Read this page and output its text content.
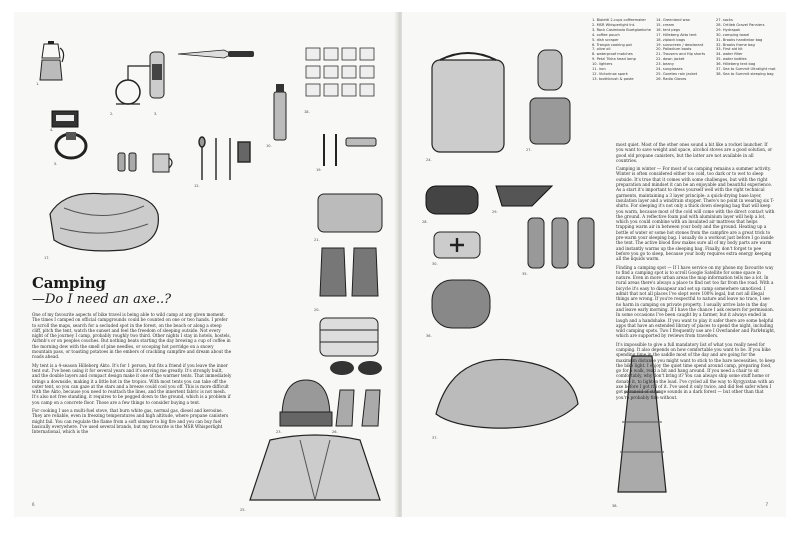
1.
2.	3.
4.
5.
10.
12.
17.
18.
19.
20.
21.
23.
25.
26.
Camping
—Do I need an axe..?

One of my favourite aspects of bike travel is being able to wild camp at any given moment. The times I camped on official campgrounds could be counted on one or two hands. I prefer to scroll the maps, search for a secluded spot in the forest, on the beach or along a steep cliff, pitch the tent, watch the sunset and feel the freedom of sleeping outside. Not every night of the journey I camp, probably roughly two third. Other nights I stay in hotels, hostels, Airbnb's or on peoples couches. But nothing beats starting the day brewing a cup of coffee in the morning dew with the smell of pine needles, or scooping hot porridge on a snowy mountain pass, or toasting potatoes in the embers of crackling campfire and dream about the roads ahead.

My tent is a 4-season Hilleberg Akto. It's for 1 person, but fits a friend if you leave the inner tent out. I've been using it for several years and it's serving me greatly. It's strongly built, and the double layers and compact design make it one of the warmer tents. That immediately brings a downside, making it a little hot in the tropics. With most tents you can take off the outer tent, so you can gaze at the stars and a breeze could cool you off. This is more difficult with the Akto, because you need to reattach the lines, and the innertent fabric is not mesh. It's also not free standing, it requires to be pegged down to the ground, which is a problem if you camp on a concrete floor. Those are a few things to consider buying a tent.

For cooking I use a multi-fuel stove, that burn white gas, normal gas, diesel and kerosine. They are reliable, even in freezing temperatures and high altitude, where propane canisters might fail. You can regulate the flame from a soft simmer to big fire and you can buy fuel basically everywhere. I've used several brands, but my favourite is the MSR Whisperlight International, which is the

6
24.
27.
28.
29.
30.
35.
36.
37.
38.
1. Bialetti 2-cups coffeemaker
2. MSR Whisperlight Int.
3. Rock Casimbola Buetgloebche
4. coffee pouch
5. dish scraper
6. Trangia cooking pot
7. olive oil
8. waterproof matches
9. Petzl Tikka head lamp
10. lighters
11. iron
12. Victorinox spork
13. toothbrush & paste
14. Greenland wax
15. cream
16. tent pegs
17. Hilleberg Akto tent
18. ziplock bags
19. sunscreen / deodorant
20. Palladium boots
21. Trousers and Hip shorts
22. down jacket
23. beany
24. sunglasses
25. Goretex rain jacket
26. Radio Gloves
27. socks
28. Ortlieb Gravel Panniers
29. Hydrapak
30. camping towel
31. Brooks handlebar bag
32. Brooks frame bag
33. First aid kit
34. water filter
35. water bottles
36. Hilleberg tent bag
37. Sea to Summit Ultralight mat
38. Sea to Summit sleeping bag

most quiet. Most of the other ones sound a bit like a rocket launcher. If you want to save weight and space, alcohol stoves are a good solution, or good old propane canisters, but the latter are not available in all countries.

Camping in winter — For most of us camping remains a summer activity. Winter is often considered either too cold, too dark or to wet to sleep outside. It's true that it comes with some challenges, but with the right preparation and mindset it can be an enjoyable and beautiful experience. As a start it's important to dress yourself well with the right technical garments, maintaining a 3 layer principle: a quick-drying base layer, insulation layer and a wind/rain stopper. There's no point in wearing six T-shirts. For sleeping it's not only a thick down sleeping bag that will keep you warm, because most of the cold will come with the direct contact with the ground. A reflective foam pad with aluminium layer will help a lot, which you could combine with an insulated air mattress that helps trapping warm air in between your body and the ground. Heating up a bottle of water or some hot stones from the campfire are a great trick to pre-warm your sleeping bag. I usually do a workout just before I go inside the tent. The active blood flow makes sure all of my body parts are warm and instantly warms up the sleeping bag. Finally, don't forget to pee before you go to sleep, because your body requires extra energy keeping all the liquids warm.

Finding a camping spot — If I have service on my phone my favourite way to find a camping spot is to scroll Google Satellite for some space in nature. Even in more urban areas the map information tells me a lot. In rural areas there's always a place to find not too far from the road. With a bicycle it's easy to dissapear and set up camp somewhere unnoticed. I admit that not all places I've slept were 100% legal, but not all illegal things are wrong. If you're respectful to nature and leave no trace, I see no harm in camping on private property. I usually arrive late in the day and leave early morning. If I have the chance I ask owners for permission. In some occasions I've been caught by a farmer, but it always ended in laugh and a handshake. If you want to play it safer there are some helpful apps that have an extended library of places to spend the night, including wild camping spots. Two I frequently use are I Overlander and Park4night, which are supported by reviews from travellers.

It's impossible to give a full mandatory list of what you really need for camping. It also depends on how comfortable you want to be. If you bike spending time in the saddle most of the day and are going for the maximum distance you might want to stick to the bare necessities, to keep the bike light. I enjoy the quiet time spend around camp, preparing food, go for a walk, read a bit and hang around. If you need a chair to sit comfortably, why don't bring it? You can always ship some stuff home or donate it, to lighten the load. I've cycled all the way to Kyrgyzstan with an axe before I got rid of it. I've used it only twice, and did feel safer when I got paranoid of strange sounds in a dark forest — but other than that you're probably fine without.

7
